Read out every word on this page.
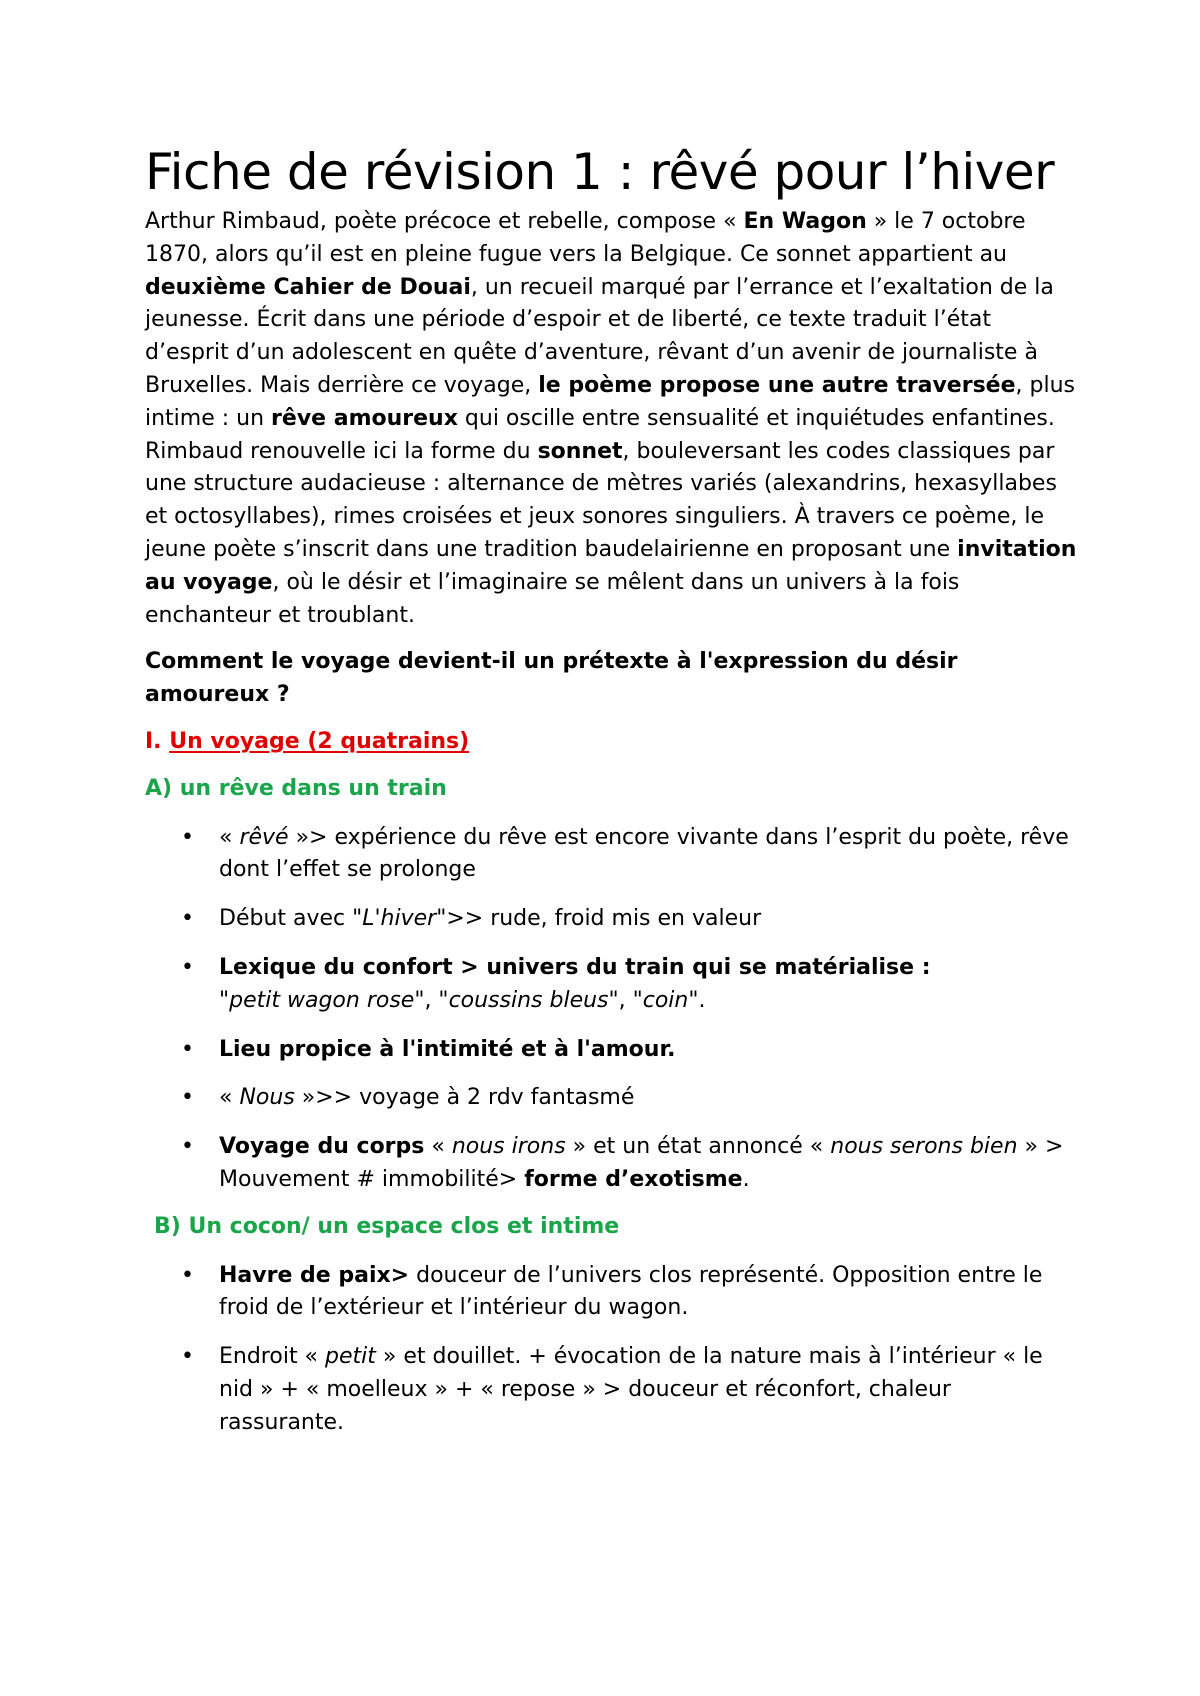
Fiche de révision 1 : rêvé pour l’hiver

Arthur Rimbaud, poète précoce et rebelle, compose « En Wagon » le 7 octobre 1870, alors qu’il est en pleine fugue vers la Belgique. Ce sonnet appartient au deuxième Cahier de Douai, un recueil marqué par l’errance et l’exaltation de la jeunesse. Écrit dans une période d’espoir et de liberté, ce texte traduit l’état d’esprit d’un adolescent en quête d’aventure, rêvant d’un avenir de journaliste à Bruxelles. Mais derrière ce voyage, le poème propose une autre traversée, plus intime : un rêve amoureux qui oscille entre sensualité et inquiétudes enfantines. Rimbaud renouvelle ici la forme du sonnet, bouleversant les codes classiques par une structure audacieuse : alternance de mètres variés (alexandrins, hexasyllabes et octosyllabes), rimes croisées et jeux sonores singuliers. À travers ce poème, le jeune poète s’inscrit dans une tradition baudelairienne en proposant une invitation au voyage, où le désir et l’imaginaire se mêlent dans un univers à la fois enchanteur et troublant.

Comment le voyage devient-il un prétexte à l'expression du désir amoureux ?

I. Un voyage (2 quatrains)

A) un rêve dans un train

• « rêvé »> expérience du rêve est encore vivante dans l’esprit du poète, rêve dont l’effet se prolonge
• Début avec "L'hiver">> rude, froid mis en valeur
• Lexique du confort > univers du train qui se matérialise :
"petit wagon rose", "coussins bleus", "coin".
• Lieu propice à l'intimité et à l'amour.
• « Nous »>> voyage à 2 rdv fantasmé
• Voyage du corps « nous irons » et un état annoncé « nous serons bien » > Mouvement # immobilité> forme d’exotisme.

B) Un cocon/ un espace clos et intime

• Havre de paix> douceur de l’univers clos représenté. Opposition entre le froid de l’extérieur et l’intérieur du wagon.
• Endroit « petit » et douillet. + évocation de la nature mais à l’intérieur « le nid » + « moelleux » + « repose » > douceur et réconfort, chaleur rassurante.
